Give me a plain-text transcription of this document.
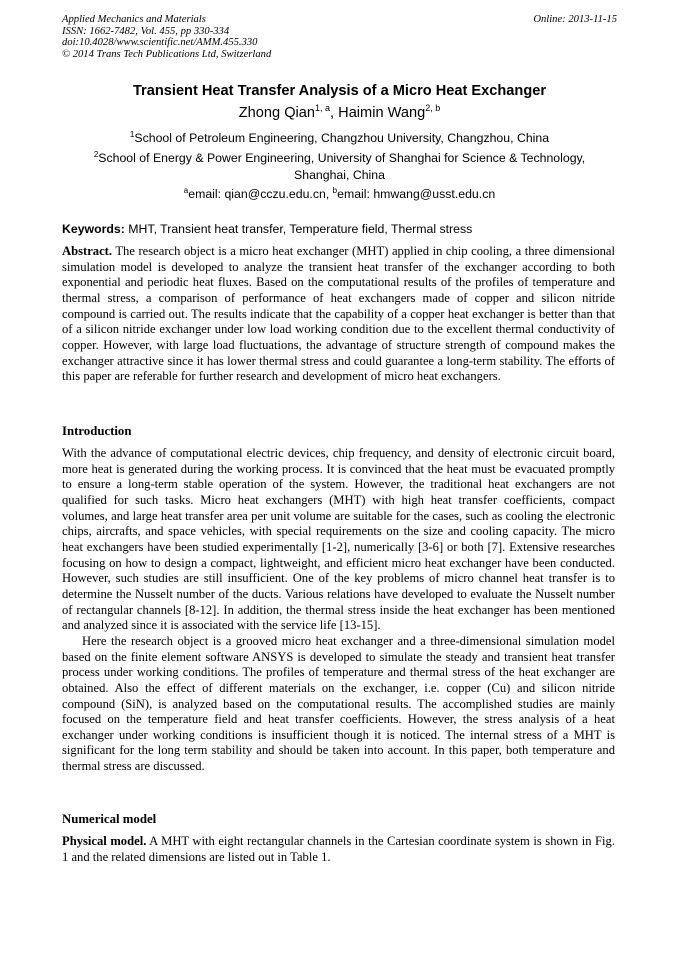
Applied Mechanics and Materials
ISSN: 1662-7482, Vol. 455, pp 330-334
doi:10.4028/www.scientific.net/AMM.455.330
© 2014 Trans Tech Publications Ltd, Switzerland
Online: 2013-11-15
Transient Heat Transfer Analysis of a Micro Heat Exchanger
Zhong Qian$^{1, a}$, Haimin Wang$^{2, b}$
$^1$School of Petroleum Engineering, Changzhou University, Changzhou, China
$^2$School of Energy & Power Engineering, University of Shanghai for Science & Technology,
Shanghai, China
$^a$email: qian@cczu.edu.cn, $^b$email: hmwang@usst.edu.cn
Keywords: MHT, Transient heat transfer, Temperature field, Thermal stress

Abstract. The research object is a micro heat exchanger (MHT) applied in chip cooling, a three dimensional simulation model is developed to analyze the transient heat transfer of the exchanger according to both exponential and periodic heat fluxes. Based on the computational results of the profiles of temperature and thermal stress, a comparison of performance of heat exchangers made of copper and silicon nitride compound is carried out. The results indicate that the capability of a copper heat exchanger is better than that of a silicon nitride exchanger under low load working condition due to the excellent thermal conductivity of copper. However, with large load fluctuations, the advantage of structure strength of compound makes the exchanger attractive since it has lower thermal stress and could guarantee a long-term stability. The efforts of this paper are referable for further research and development of micro heat exchangers.

Introduction

With the advance of computational electric devices, chip frequency, and density of electronic circuit board, more heat is generated during the working process. It is convinced that the heat must be evacuated promptly to ensure a long-term stable operation of the system. However, the traditional heat exchangers are not qualified for such tasks. Micro heat exchangers (MHT) with high heat transfer coefficients, compact volumes, and large heat transfer area per unit volume are suitable for the cases, such as cooling the electronic chips, aircrafts, and space vehicles, with special requirements on the size and cooling capacity. The micro heat exchangers have been studied experimentally [1-2], numerically [3-6] or both [7]. Extensive researches focusing on how to design a compact, lightweight, and efficient micro heat exchanger have been conducted. However, such studies are still insufficient. One of the key problems of micro channel heat transfer is to determine the Nusselt number of the ducts. Various relations have developed to evaluate the Nusselt number of rectangular channels [8-12]. In addition, the thermal stress inside the heat exchanger has been mentioned and analyzed since it is associated with the service life [13-15].

Here the research object is a grooved micro heat exchanger and a three-dimensional simulation model based on the finite element software ANSYS is developed to simulate the steady and transient heat transfer process under working conditions. The profiles of temperature and thermal stress of the heat exchanger are obtained. Also the effect of different materials on the exchanger, i.e. copper (Cu) and silicon nitride compound (SiN), is analyzed based on the computational results. The accomplished studies are mainly focused on the temperature field and heat transfer coefficients. However, the stress analysis of a heat exchanger under working conditions is insufficient though it is noticed. The internal stress of a MHT is significant for the long term stability and should be taken into account. In this paper, both temperature and thermal stress are discussed.

Numerical model

Physical model. A MHT with eight rectangular channels in the Cartesian coordinate system is shown in Fig. 1 and the related dimensions are listed out in Table 1.
